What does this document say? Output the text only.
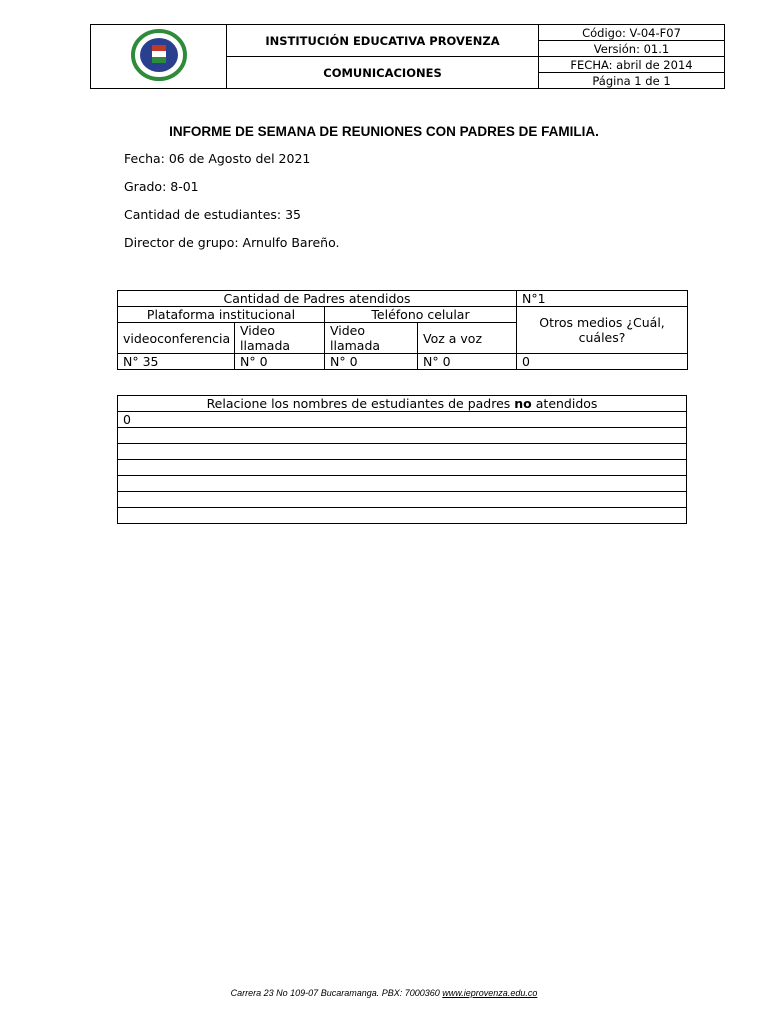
	INSTITUCIÓN EDUCATIVA PROVENZA	Código: V-04-F07
		Versión: 01.1
	COMUNICACIONES	FECHA: abril de 2014
		Página 1 de 1
INFORME DE SEMANA DE REUNIONES CON PADRES DE FAMILIA.
Fecha: 06 de Agosto del 2021
Grado: 8-01
Cantidad de estudiantes: 35
Director de grupo: Arnulfo Bareño.
Cantidad de Padres atendidos				N°1
Plataforma institucional		Teléfono celular		Otros medios ¿Cuál, cuáles?
videoconferencia	Video llamada	Video llamada	Voz a voz	
N° 35	N° 0	N° 0	N° 0	0
Relacione los nombres de estudiantes de padres no atendidos
0

Carrera 23 No 109-07 Bucaramanga. PBX: 7000360 www.ieprovenza.edu.co
